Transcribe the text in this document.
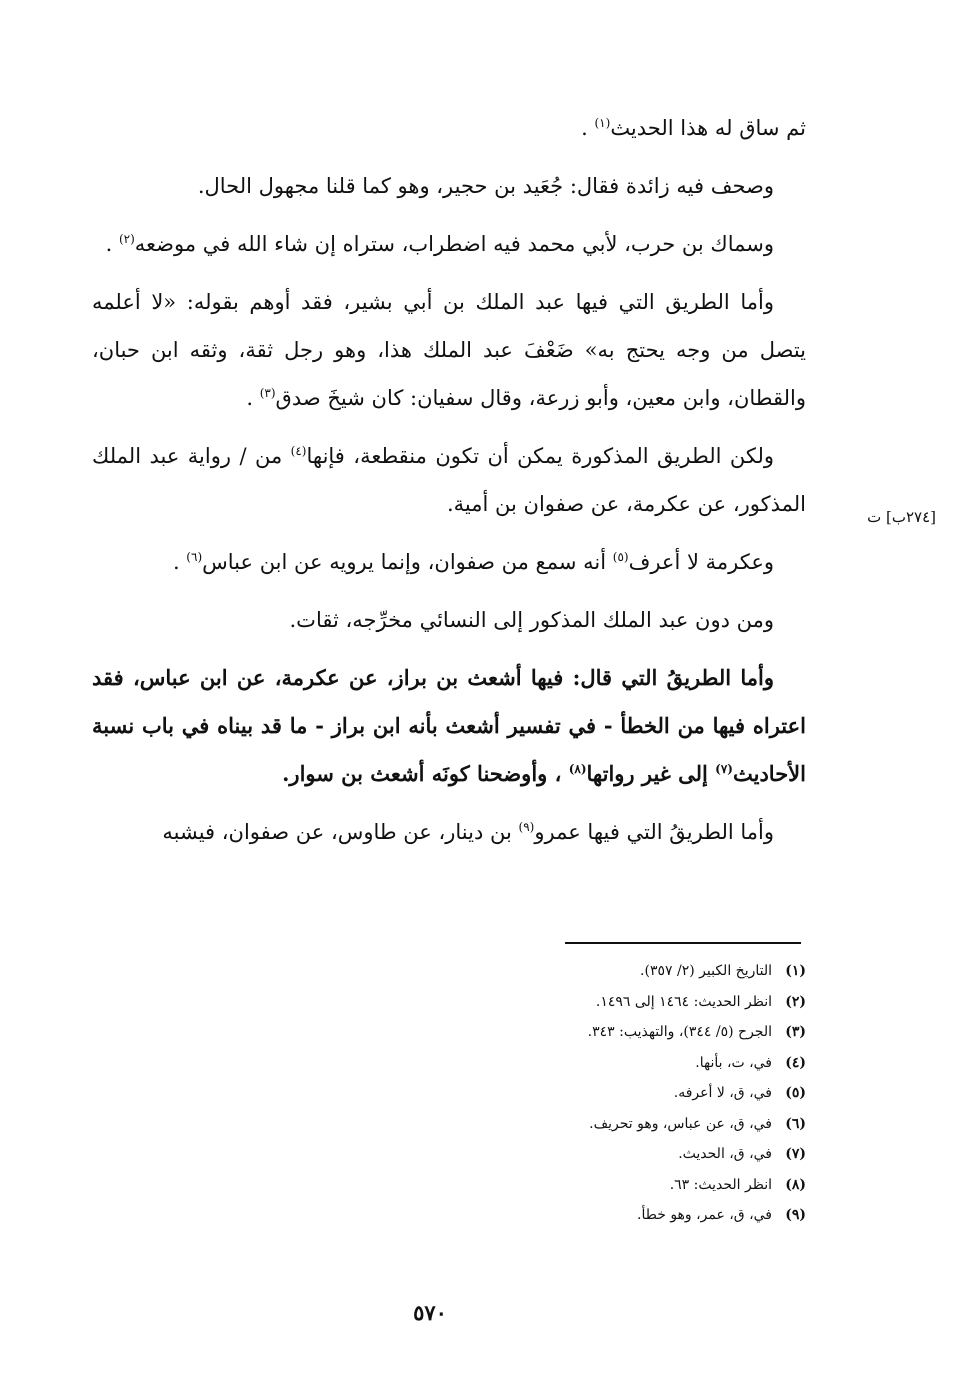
ثم ساق له هذا الحديث$^{(١)}$ .

وصحف فيه زائدة فقال: جُعَيد بن حجير، وهو كما قلنا مجهول الحال.

وسماك بن حرب، لأبي محمد فيه اضطراب، ستراه إن شاء الله في موضعه$^{(٢)}$ .

وأما الطريق التي فيها عبد الملك بن أبي بشير، فقد أوهم بقوله: «لا أعلمه يتصل من وجه يحتج به» ضَعْفَ عبد الملك هذا، وهو رجل ثقة، وثقه ابن حبان، والقطان، وابن معين، وأبو زرعة، وقال سفيان: كان شيخَ صدق$^{(٣)}$ .

ولكن الطريق المذكورة يمكن أن تكون منقطعة، فإنها$^{(٤)}$ من / رواية عبد الملك المذكور، عن عكرمة، عن صفوان بن أمية.

وعكرمة لا أعرف$^{(٥)}$ أنه سمع من صفوان، وإنما يرويه عن ابن عباس$^{(٦)}$ .

ومن دون عبد الملك المذكور إلى النسائي مخرِّجه، ثقات.

وأما الطريقُ التي قال: فيها أشعث بن براز، عن عكرمة، عن ابن عباس، فقد اعتراه فيها من الخطأ - في تفسير أشعث بأنه ابن براز - ما قد بيناه في باب نسبة الأحاديث$^{(٧)}$ إلى غير رواتها$^{(٨)}$ ، وأوضحنا كونَه أشعث بن سوار.

وأما الطريقُ التي فيها عمرو$^{(٩)}$ بن دينار، عن طاوس، عن صفوان، فيشبه

[٢٧٤ب] ت
(١)التاريخ الكبير (٢/ ٣٥٧).
(٢)انظر الحديث: ١٤٦٤ إلى ١٤٩٦.
(٣)الجرح (٥/ ٣٤٤)، والتهذيب: ٣٤٣.
(٤)في، ت، بأنها.
(٥)في، ق، لا أعرفه.
(٦)في، ق، عن عباس، وهو تحريف.
(٧)في، ق، الحديث.
(٨)انظر الحديث: ٦٣.
(٩)في، ق، عمر، وهو خطأ.
٥٧٠
